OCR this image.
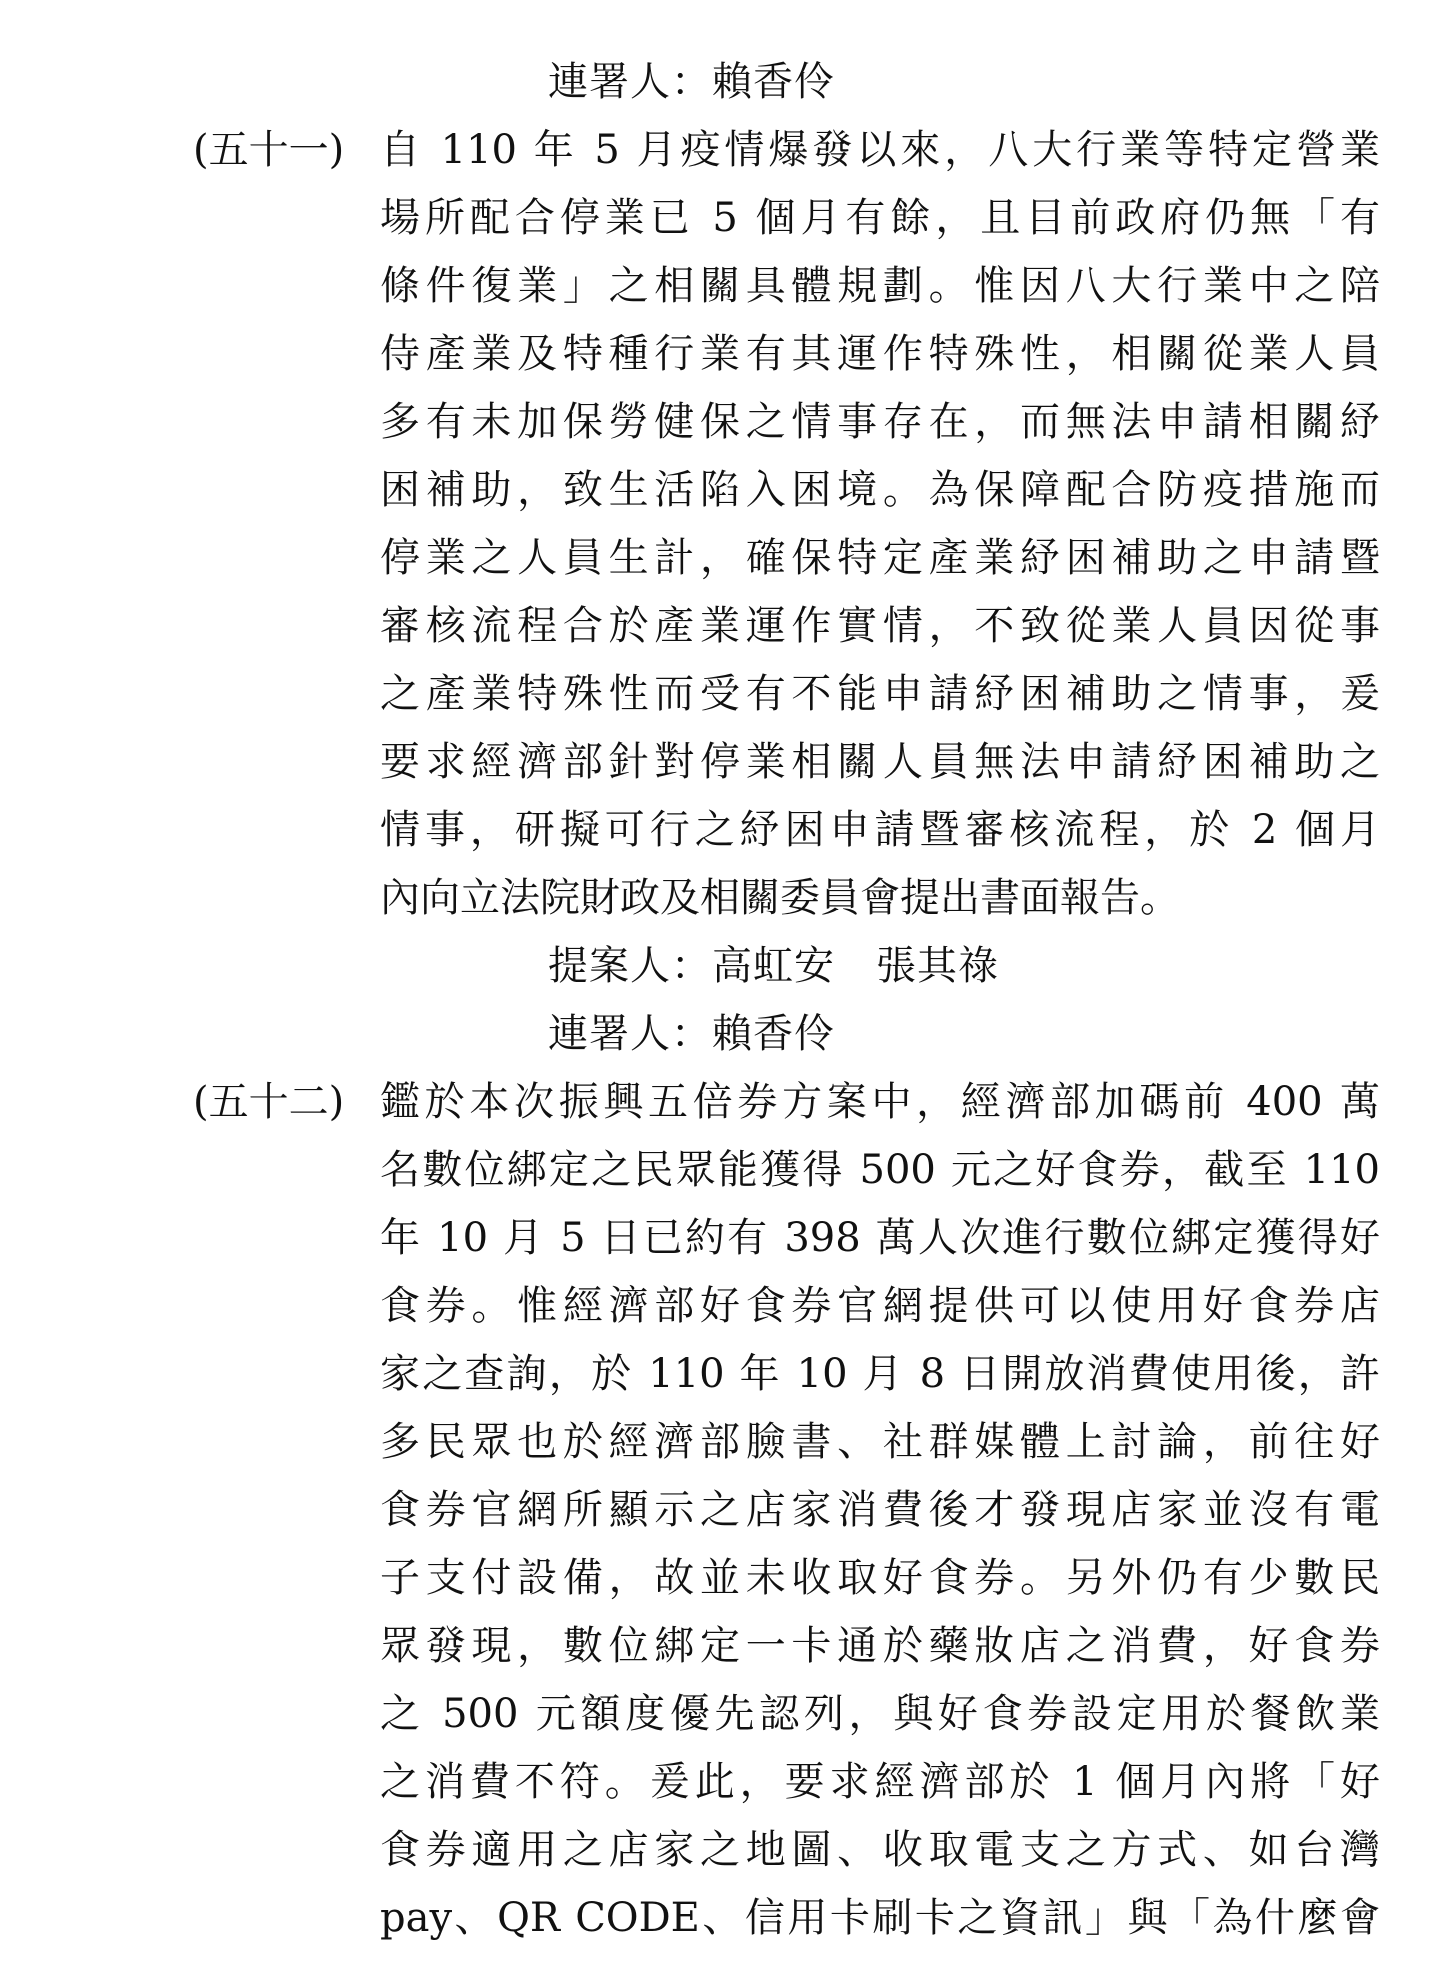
連署人：賴香伶
(五十一) 自 110 年 5 月疫情爆發以來，八大行業等特定營業
場所配合停業已 5 個月有餘，且目前政府仍無「有
條件復業」之相關具體規劃。惟因八大行業中之陪
侍產業及特種行業有其運作特殊性，相關從業人員
多有未加保勞健保之情事存在，而無法申請相關紓
困補助，致生活陷入困境。為保障配合防疫措施而
停業之人員生計，確保特定產業紓困補助之申請暨
審核流程合於產業運作實情，不致從業人員因從事
之產業特殊性而受有不能申請紓困補助之情事，爰
要求經濟部針對停業相關人員無法申請紓困補助之
情事，研擬可行之紓困申請暨審核流程，於 2 個月
內向立法院財政及相關委員會提出書面報告。
提案人：高虹安　張其祿
連署人：賴香伶
(五十二) 鑑於本次振興五倍券方案中，經濟部加碼前 400 萬
名數位綁定之民眾能獲得 500 元之好食券，截至 110
年 10 月 5 日已約有 398 萬人次進行數位綁定獲得好
食券。惟經濟部好食券官網提供可以使用好食券店
家之查詢，於 110 年 10 月 8 日開放消費使用後，許
多民眾也於經濟部臉書、社群媒體上討論，前往好
食券官網所顯示之店家消費後才發現店家並沒有電
子支付設備，故並未收取好食券。另外仍有少數民
眾發現，數位綁定一卡通於藥妝店之消費，好食券
之 500 元額度優先認列，與好食券設定用於餐飲業
之消費不符。爰此，要求經濟部於 1 個月內將「好
食券適用之店家之地圖、收取電支之方式、如台灣
pay、QR CODE、信用卡刷卡之資訊」與「為什麼會
